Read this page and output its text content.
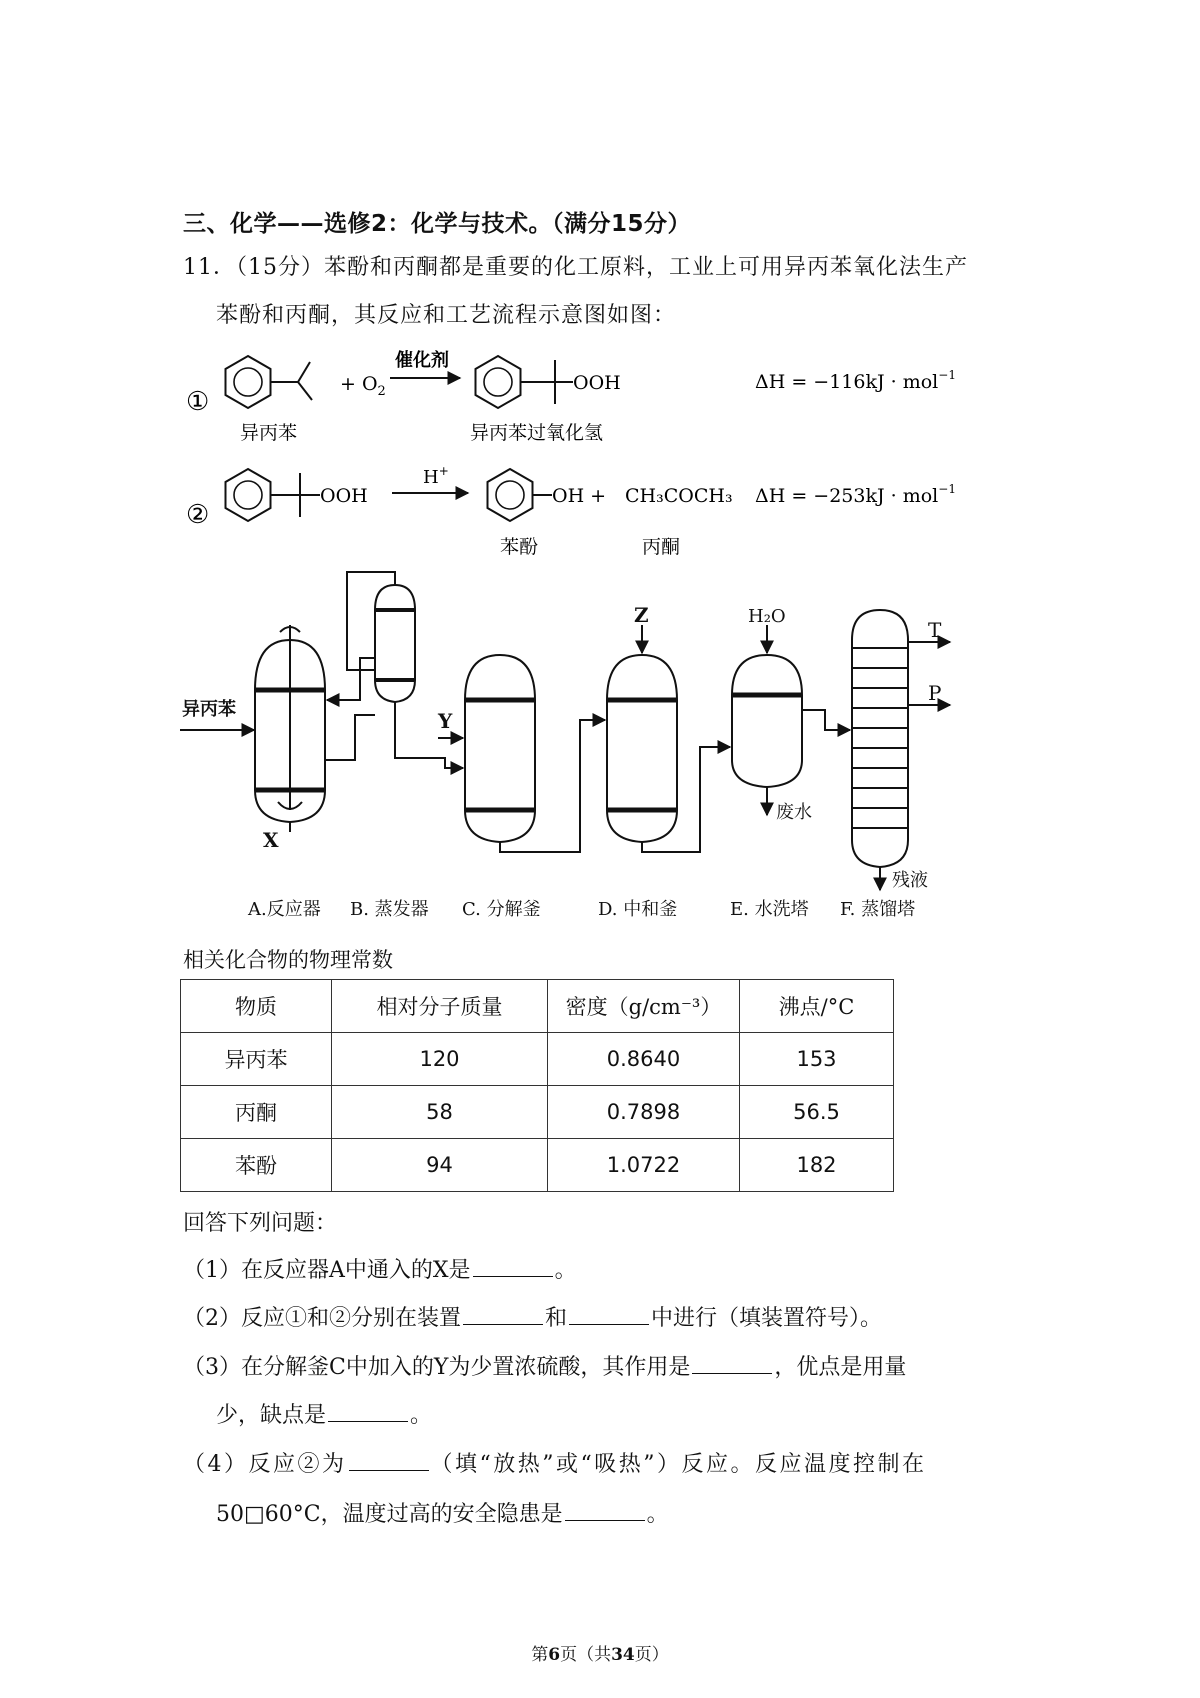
三、化学——选修2：化学与技术。（满分15分）
11．（15分）苯酚和丙酮都是重要的化工原料，工业上可用异丙苯氧化法生产
苯酚和丙酮，其反应和工艺流程示意图如图：
①
+ $O_2$
催化剂
OOH	ΔH = −116kJ · mol$^{-1}$
异丙苯	异丙苯过氧化氢
②
OOH
H+
OH + CH₃COCH₃ ΔH = −253kJ · mol$^{-1}$
苯酚	丙酮
异丙苯
X
Y
Z	H₂O
T
P
废水
残液
A.反应器 B. 蒸发器 C. 分解釜	D. 中和釜	E. 水洗塔 F. 蒸馏塔
相关化合物的物理常数
物质	相对分子质量	密度（g/cm⁻³）	沸点/°C
异丙苯	120	0.8640	153
丙酮	58	0.7898	56.5
苯酚	94	1.0722	182
回答下列问题：
（1）在反应器A中通入的X是	。
（2）反应①和②分别在装置	和	中进行（填装置符号）。
（3）在分解釜C中加入的Y为少置浓硫酸，其作用是	，优点是用量
少，缺点是	。
（4）反应②为	（填“放热”或“吸热”）反应。反应温度控制在
50□60°C，温度过高的安全隐患是	。
第6页（共34页）
